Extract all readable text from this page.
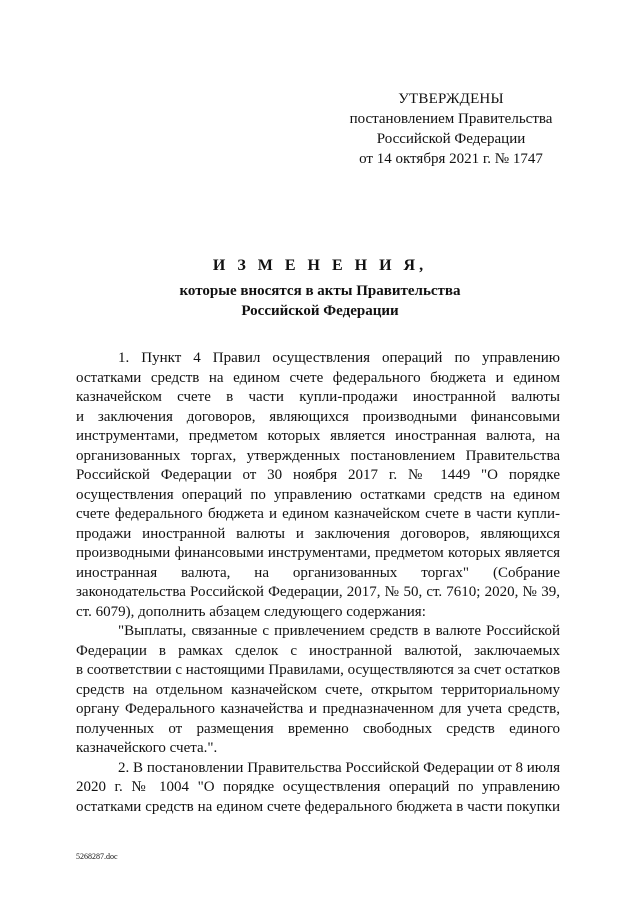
УТВЕРЖДЕНЫ
постановлением Правительства
Российской Федерации
от 14 октября 2021 г. № 1747
И З М Е Н Е Н И Я,
которые вносятся в акты Правительства
Российской Федерации
1. Пункт 4 Правил осуществления операций по управлению
остатками средств на едином счете федерального бюджета и едином
казначейском счете в части купли-продажи иностранной валюты
и заключения договоров, являющихся производными финансовыми
инструментами, предметом которых является иностранная валюта, на
организованных торгах, утвержденных постановлением Правительства
Российской Федерации от 30 ноября 2017 г. № 1449 "О порядке
осуществления операций по управлению остатками средств на едином
счете федерального бюджета и едином казначейском счете в части купли-
продажи иностранной валюты и заключения договоров, являющихся
производными финансовыми инструментами, предметом которых является
иностранная валюта, на организованных торгах" (Собрание
законодательства Российской Федерации, 2017, № 50, ст. 7610; 2020, № 39,
ст. 6079), дополнить абзацем следующего содержания:
"Выплаты, связанные с привлечением средств в валюте Российской
Федерации в рамках сделок с иностранной валютой, заключаемых
в соответствии с настоящими Правилами, осуществляются за счет остатков
средств на отдельном казначейском счете, открытом территориальному
органу Федерального казначейства и предназначенном для учета средств,
полученных от размещения временно свободных средств единого
казначейского счета.".
2. В постановлении Правительства Российской Федерации от 8 июля
2020 г. № 1004 "О порядке осуществления операций по управлению
остатками средств на едином счете федерального бюджета в части покупки
5268287.doc
